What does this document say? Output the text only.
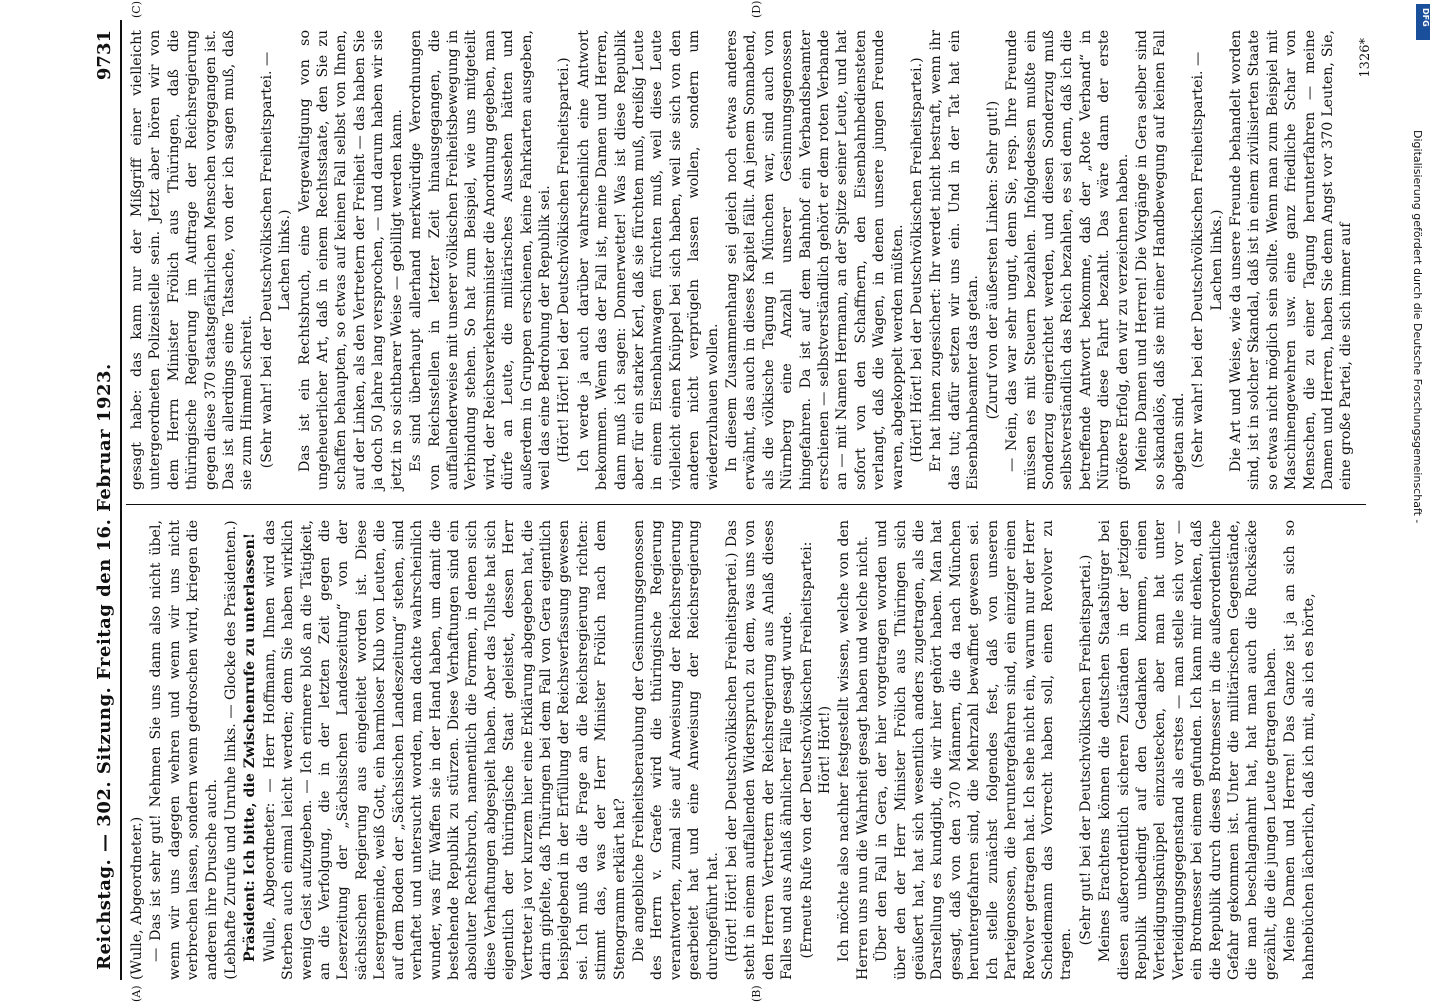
Reichstag. — 302. Sitzung. Freitag den 16. Februar 1923.
9731
(A)	(B)
(C)	(D)

(Wulle, Abgeordneter.) — Das ist sehr gut! Nehmen Sie uns dann also nicht übel, wenn wir uns dagegen wehren und wenn wir uns nicht verbrechen lassen, sondern wenn gedroschen wird, kriegen die anderen ihre Drusche auch. (Lebhafte Zurufe und Unruhe links. — Glocke des Präsidenten.) Präsident: Ich bitte, die Zwischenrufe zu unterlassen! Wulle, Abgeordneter: — Herr Hoffmann, Ihnen wird das Sterben auch einmal leicht werden; denn Sie haben wirklich wenig Geist aufzugeben. — Ich erinnere bloß an die Tätigkeit, an die Verfolgung, die in der letzten Zeit gegen die Leserzeitung der „Sächsischen Landeszeitung“ von der sächsischen Regierung aus eingeleitet worden ist. Diese Lesergemeinde, weiß Gott, ein harmloser Klub von Leuten, die auf dem Boden der „Sächsischen Landeszeitung“ stehen, sind verhaftet und untersucht worden, man dachte wahrscheinlich wunder, was für Waffen sie in der Hand haben, um damit die bestehende Republik zu stürzen. Diese Verhaftungen sind ein absoluter Rechtsbruch, namentlich die Formen, in denen sich diese Verhaftungen abgespielt haben. Aber das Tollste hat sich eigentlich der thüringische Staat geleistet, dessen Herr Vertreter ja vor kurzem hier eine Erklärung abgegeben hat, die darin gipfelte, daß Thüringen bei dem Fall von Gera eigentlich beispielgebend in der Erfüllung der Reichsverfassung gewesen sei. Ich muß da die Frage an die Reichsregierung richten: stimmt das, was der Herr Minister Frölich nach dem Stenogramm erklärt hat? Die angebliche Freiheitsberaubung der Gesinnungsgenossen des Herrn v. Graefe wird die thüringische Regierung verantworten, zumal sie auf Anweisung der Reichsregierung gearbeitet hat und eine Anweisung der Reichsregierung durchgeführt hat. (Hört! Hört! bei der Deutschvölkischen Freiheitspartei.) Das steht in einem auffallenden Widerspruch zu dem, was uns von den Herren Vertretern der Reichsregierung aus Anlaß dieses Falles und aus Anlaß ähnlicher Fälle gesagt wurde. (Erneute Rufe von der Deutschvölkischen Freiheitspartei: Hört! Hört!) Ich möchte also nachher festgestellt wissen, welche von den Herren uns nun die Wahrheit gesagt haben und welche nicht. Über den Fall in Gera, der hier vorgetragen worden und über den der Herr Minister Frölich aus Thüringen sich geäußert hat, hat sich wesentlich anders zugetragen, als die Darstellung es kundgibt, die wir hier gehört haben. Man hat gesagt, daß von den 370 Männern, die da nach München heruntergefahren sind, die Mehrzahl bewaffnet gewesen sei. Ich stelle zunächst folgendes fest, daß von unseren Parteigenossen, die heruntergefahren sind, ein einziger einen Revolver getragen hat. Ich sehe nicht ein, warum nur der Herr Scheidemann das Vorrecht haben soll, einen Revolver zu tragen.

(Sehr gut! bei der Deutschvölkischen Freiheitspartei.) Meines Erachtens können die deutschen Staatsbürger bei diesen außerordentlich sicheren Zuständen in der jetzigen Republik unbedingt auf den Gedanken kommen, einen Verteidigungsknüppel einzustecken, aber man hat unter Verteidigungsgegenstand als erstes — man stelle sich vor — ein Brotmesser bei einem gefunden. Ich kann mir denken, daß die Republik durch dieses Brotmesser in die außerordentliche Gefahr gekommen ist. Unter die militärischen Gegenstände, die man beschlagnahmt hat, hat man auch die Rucksäcke gezählt, die die jungen Leute getragen haben. Meine Damen und Herren! Das Ganze ist ja an sich so hahnebüchen lächerlich, daß ich mit, als ich es hörte,

gesagt habe: das kann nur der Mißgriff einer vielleicht untergeordneten Polizeistelle sein. Jetzt aber hören wir von dem Herrn Minister Frölich aus Thüringen, daß die thüringische Regierung im Auftrage der Reichsregierung gegen diese 370 staatsgefährlichen Menschen vorgegangen ist. Das ist allerdings eine Tatsache, von der ich sagen muß, daß sie zum Himmel schreit. (Sehr wahr! bei der Deutschvölkischen Freiheitspartei. — Lachen links.) Das ist ein Rechtsbruch, eine Vergewaltigung von so ungeheuerlicher Art, daß in einem Rechtsstaate, den Sie zu schaffen behaupten, so etwas auf keinen Fall selbst von Ihnen, auf der Linken, als den Vertretern der Freiheit — das haben Sie ja doch 50 Jahre lang versprochen, — und darum haben wir sie jetzt in so sichtbarer Weise — gebilligt werden kann. Es sind überhaupt allerhand merkwürdige Verordnungen von Reichsstellen in letzter Zeit hinausgegangen, die auffallenderweise mit unserer völkischen Freiheitsbewegung in Verbindung stehen. So hat zum Beispiel, wie uns mitgeteilt wird, der Reichsverkehrsminister die Anordnung gegeben, man dürfe an Leute, die militärisches Aussehen hätten und außerdem in Gruppen erschienen, keine Fahrkarten ausgeben, weil das eine Bedrohung der Republik sei. (Hört! Hört! bei der Deutschvölkischen Freiheitspartei.) Ich werde ja auch darüber wahrscheinlich eine Antwort bekommen. Wenn das der Fall ist, meine Damen und Herren, dann muß ich sagen: Donnerwetter! Was ist diese Republik aber für ein starker Kerl, daß sie fürchten muß, dreißig Leute in einem Eisenbahnwagen fürchten muß, weil diese Leute vielleicht einen Knüppel bei sich haben, weil sie sich von den anderen nicht verprügeln lassen wollen, sondern um wiederzuhauen wollen. In diesem Zusammenhang sei gleich noch etwas anderes erwähnt, das auch in dieses Kapitel fällt. An jenem Sonnabend, als die völkische Tagung in München war, sind auch von Nürnberg eine Anzahl unserer Gesinnungsgenossen hingefahren. Da ist auf dem Bahnhof ein Verbandsbeamter erschienen — selbstverständlich gehört er dem roten Verbande an — mit Namen Hermann, an der Spitze seiner Leute, und hat sofort von den Schaffnern, den Eisenbahnbediensteten verlangt, daß die Wagen, in denen unsere jungen Freunde waren, abgekoppelt werden müßten. (Hört! Hört! bei der Deutschvölkischen Freiheitspartei.) Er hat ihnen zugesichert: Ihr werdet nicht bestraft, wenn ihr das tut; dafür setzen wir uns ein. Und in der Tat hat ein Eisenbahnbeamter das getan. (Zuruf von der äußersten Linken: Sehr gut!) — Nein, das war sehr ungut, denn Sie, resp. Ihre Freunde müssen es mit Steuern bezahlen. Infolgedessen mußte ein Sonderzug eingerichtet werden, und diesen Sonderzug muß selbstverständlich das Reich bezahlen, es sei denn, daß ich die betreffende Antwort bekomme, daß der „Rote Verband“ in Nürnberg diese Fahrt bezahlt. Das wäre dann der erste größere Erfolg, den wir zu verzeichnen haben. Meine Damen und Herren! Die Vorgänge in Gera selber sind so skandalös, daß sie mit einer Handbewegung auf keinen Fall abgetan sind. (Sehr wahr! bei der Deutschvölkischen Freiheitspartei. — Lachen links.) Die Art und Weise, wie da unsere Freunde behandelt worden sind, ist in solcher Skandal, daß ist in einem zivilisierten Staate so etwas nicht möglich sein sollte. Wenn man zum Beispiel mit Maschinengewehren usw. eine ganz friedliche Schar von Menschen, die zu einer Tagung herunterfahren — meine Damen und Herren, haben Sie denn Angst vor 370 Leuten, Sie, eine große Partei, die sich immer auf

1326*

DFG
Digitalisierung gefördert durch die Deutsche Forschungsgemeinschaft -
